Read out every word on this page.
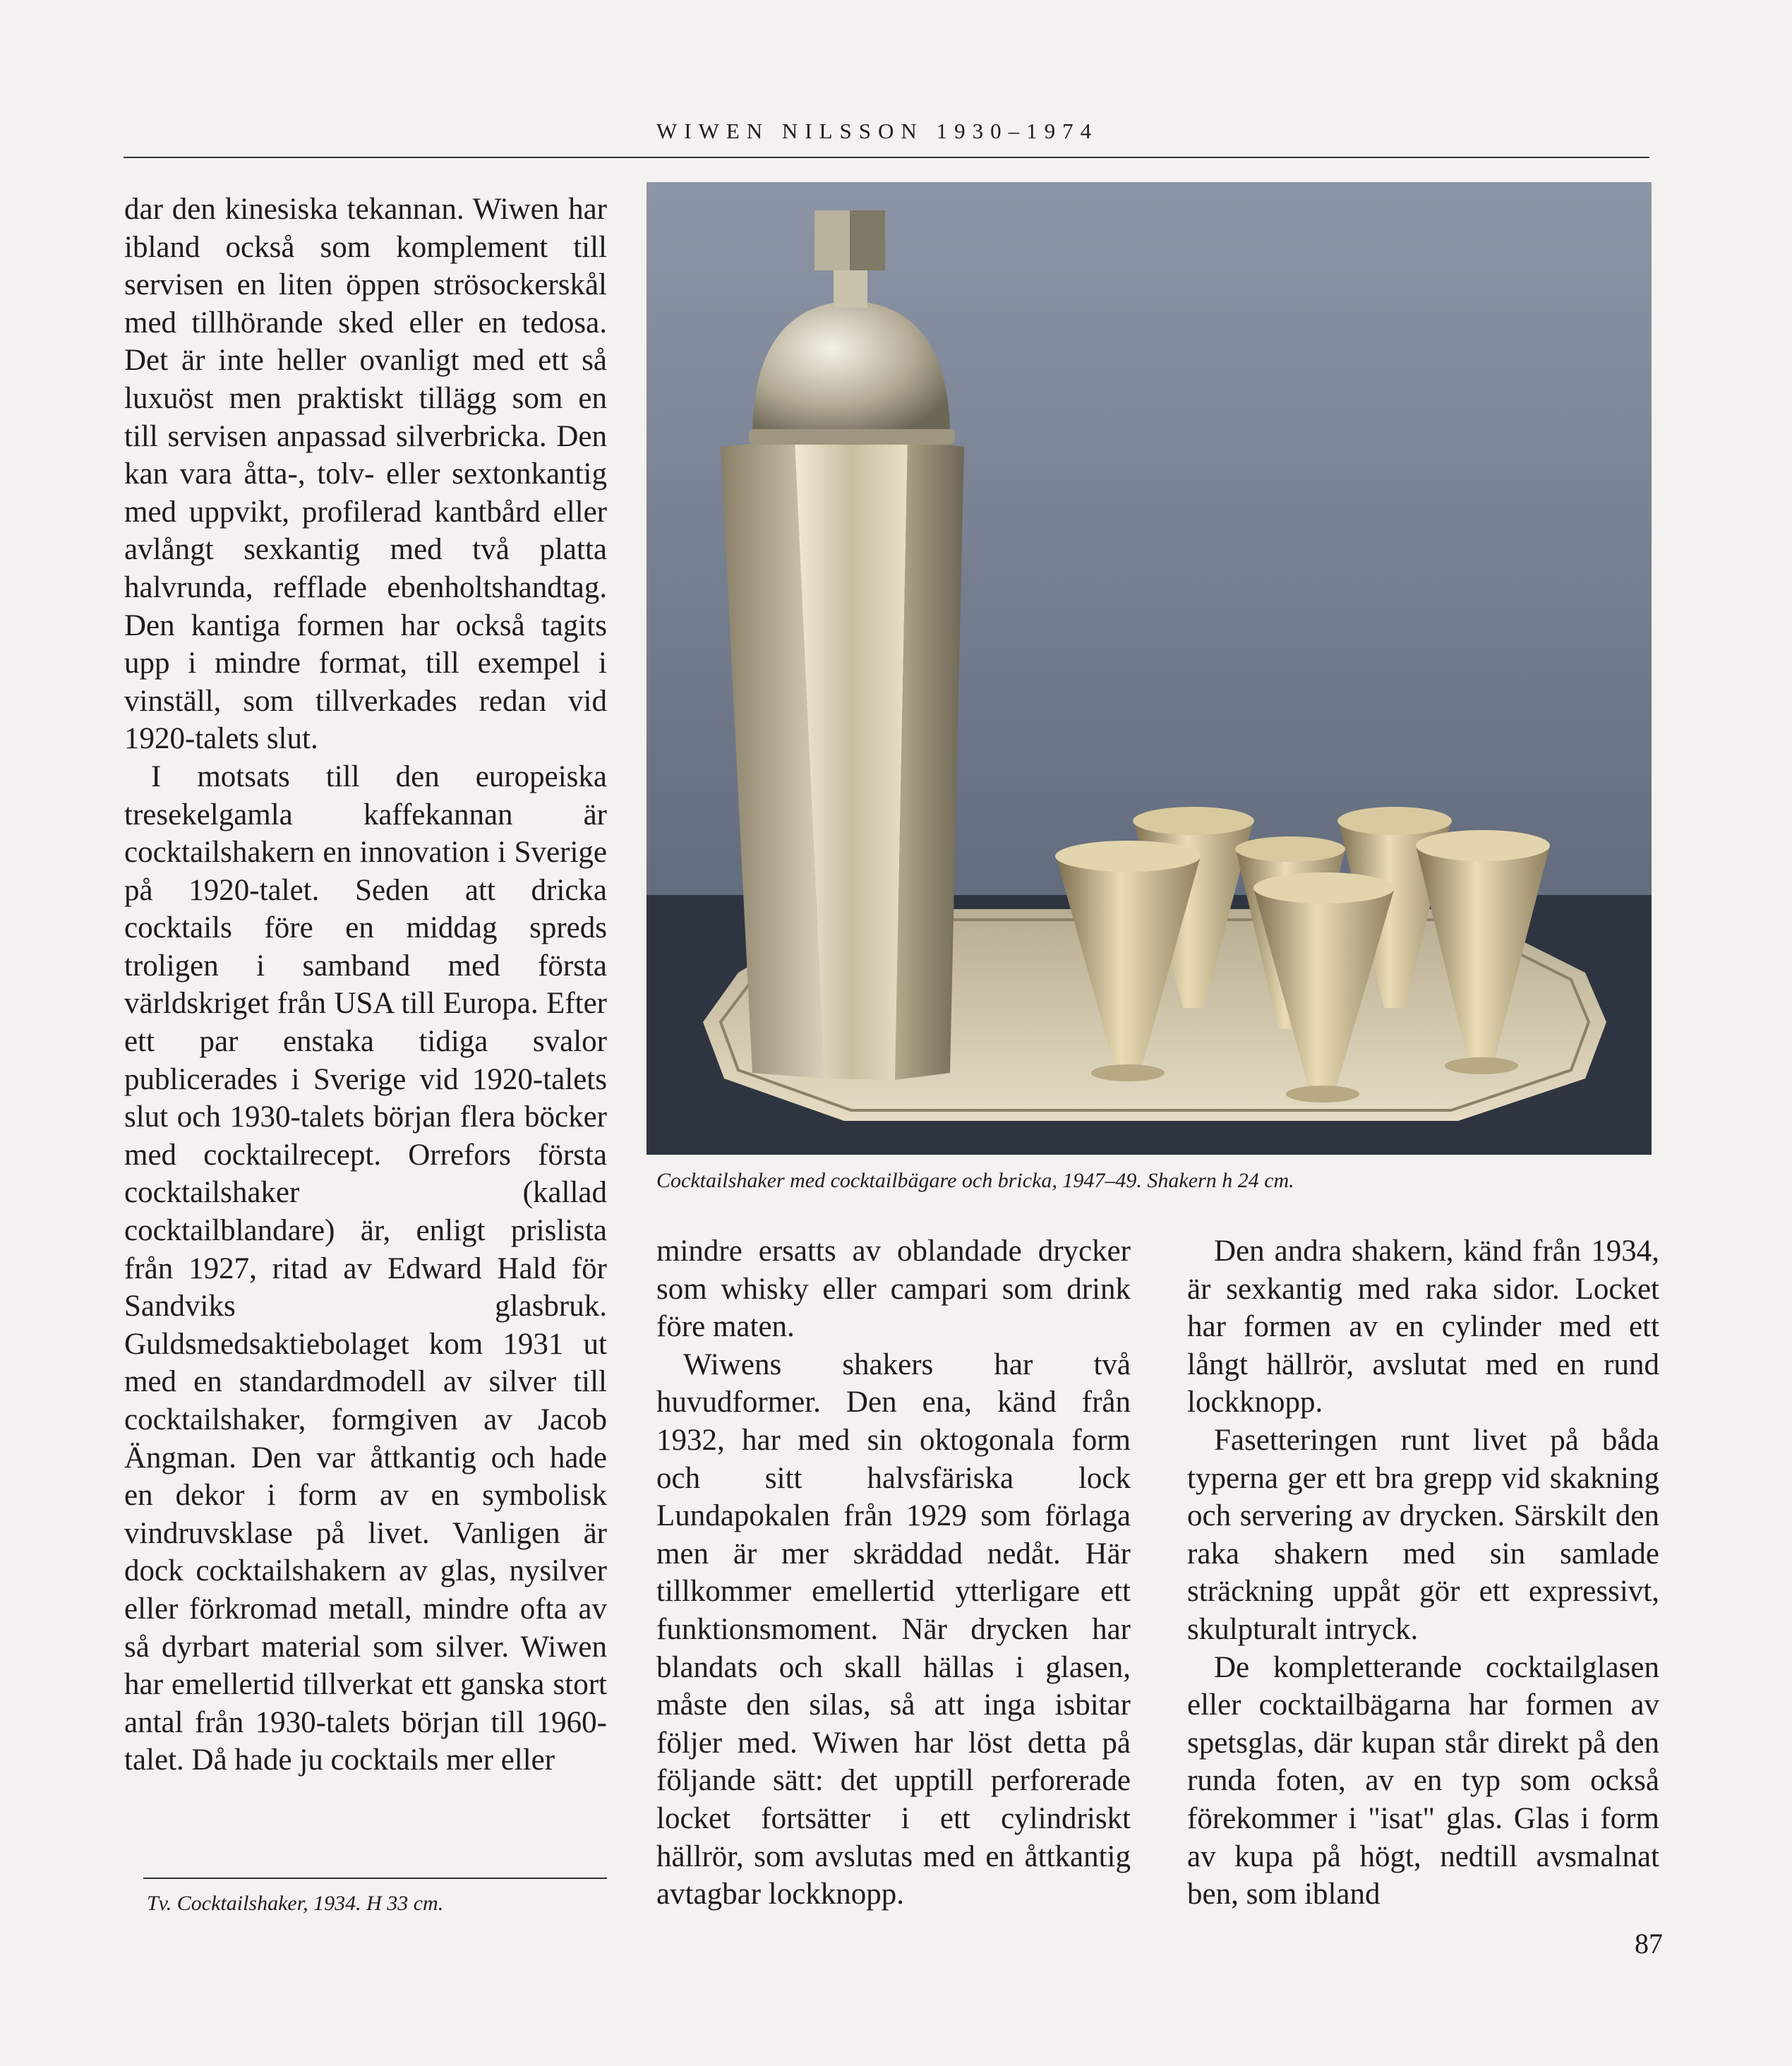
WIWEN NILSSON 1930–1974

dar den kinesiska tekannan. Wiwen har ibland också som komplement till servisen en liten öppen strösockerskål med tillhörande sked eller en tedosa. Det är inte heller ovanligt med ett så luxuöst men praktiskt tillägg som en till servisen anpassad silverbricka. Den kan vara åtta-, tolv- eller sextonkantig med uppvikt, profilerad kantbård eller avlångt sexkantig med två platta halvrunda, refflade ebenholtshandtag. Den kantiga formen har också tagits upp i mindre format, till exempel i vinställ, som tillverkades redan vid 1920-talets slut.

I motsats till den europeiska tresekelgamla kaffekannan är cocktailshakern en innovation i Sverige på 1920-talet. Seden att dricka cocktails före en middag spreds troligen i samband med första världskriget från USA till Europa. Efter ett par enstaka tidiga svalor publicerades i Sverige vid 1920-talets slut och 1930-talets början flera böcker med cocktailrecept. Orrefors första cocktailshaker (kallad cocktailblandare) är, enligt prislista från 1927, ritad av Edward Hald för Sandviks glasbruk. Guldsmedsaktiebolaget kom 1931 ut med en standardmodell av silver till cocktailshaker, formgiven av Jacob Ängman. Den var åttkantig och hade en dekor i form av en symbolisk vindruvsklase på livet. Vanligen är dock cocktailshakern av glas, nysilver eller förkromad metall, mindre ofta av så dyrbart material som silver. Wiwen har emellertid tillverkat ett ganska stort antal från 1930-talets början till 1960-talet. Då hade ju cocktails mer eller

Cocktailshaker med cocktailbägare och bricka, 1947–49. Shakern h 24 cm.

mindre ersatts av oblandade drycker som whisky eller campari som drink före maten.

Wiwens shakers har två huvudformer. Den ena, känd från 1932, har med sin oktogonala form och sitt halvsfäriska lock Lundapokalen från 1929 som förlaga men är mer skräddad nedåt. Här tillkommer emellertid ytterligare ett funktionsmoment. När drycken har blandats och skall hällas i glasen, måste den silas, så att inga isbitar följer med. Wiwen har löst detta på följande sätt: det upptill perforerade locket fortsätter i ett cylindriskt hällrör, som avslutas med en åttkantig avtagbar lockknopp.

Den andra shakern, känd från 1934, är sexkantig med raka sidor. Locket har formen av en cylinder med ett långt hällrör, avslutat med en rund lockknopp.

Fasetteringen runt livet på båda typerna ger ett bra grepp vid skakning och servering av drycken. Särskilt den raka shakern med sin samlade sträckning uppåt gör ett expressivt, skulpturalt intryck.

De kompletterande cocktailglasen eller cocktailbägarna har formen av spetsglas, där kupan står direkt på den runda foten, av en typ som också förekommer i "isat" glas. Glas i form av kupa på högt, nedtill avsmalnat ben, som ibland

Tv. Cocktailshaker, 1934. H 33 cm.
87
